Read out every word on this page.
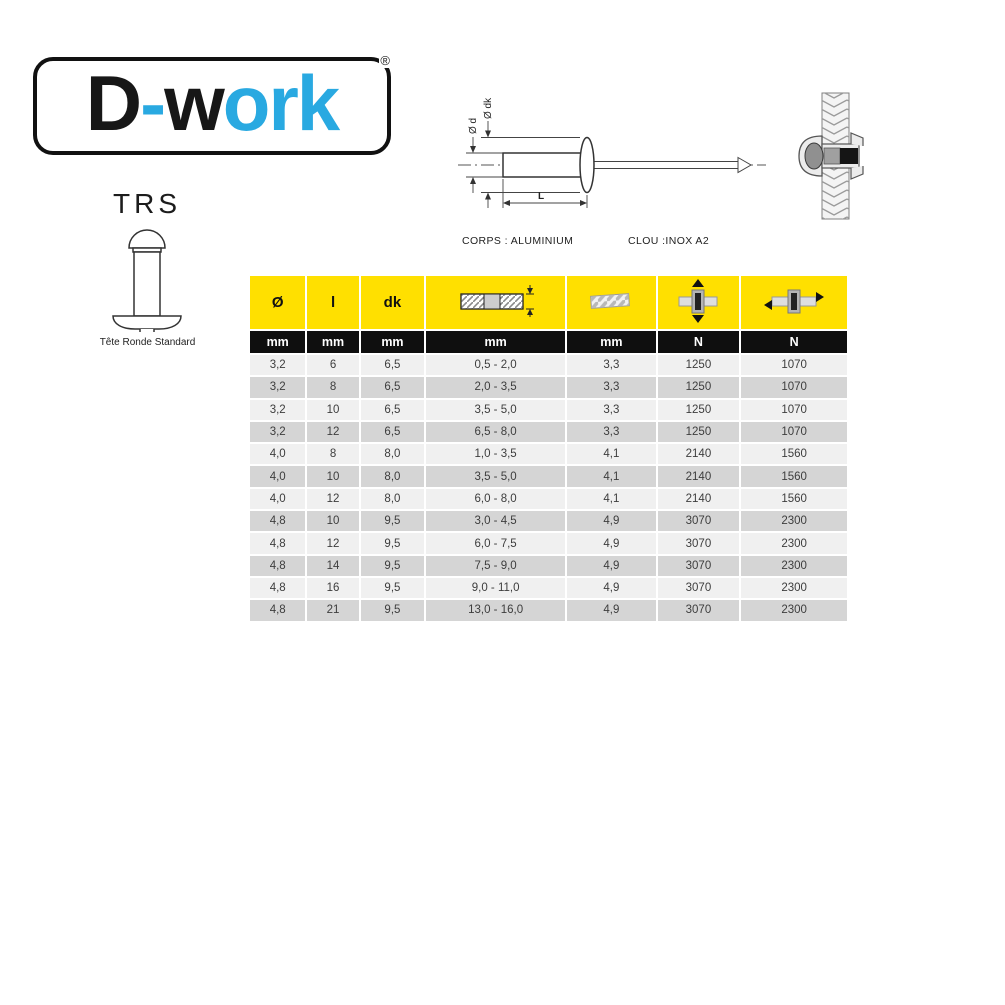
D-work	®
TRS
Tête Ronde Standard
Ø d
Ø dk
L
CORPS : ALUMINIUM	CLOU :INOX A2
Ø	l	dk				
mm	mm	mm	mm	mm	N	N
3,2	6	6,5	0,5 - 2,0	3,3	1250	1070
3,2	8	6,5	2,0 - 3,5	3,3	1250	1070
3,2	10	6,5	3,5 - 5,0	3,3	1250	1070
3,2	12	6,5	6,5 - 8,0	3,3	1250	1070
4,0	8	8,0	1,0 - 3,5	4,1	2140	1560
4,0	10	8,0	3,5 - 5,0	4,1	2140	1560
4,0	12	8,0	6,0 - 8,0	4,1	2140	1560
4,8	10	9,5	3,0 - 4,5	4,9	3070	2300
4,8	12	9,5	6,0 - 7,5	4,9	3070	2300
4,8	14	9,5	7,5 - 9,0	4,9	3070	2300
4,8	16	9,5	9,0 - 11,0	4,9	3070	2300
4,8	21	9,5	13,0 - 16,0	4,9	3070	2300
